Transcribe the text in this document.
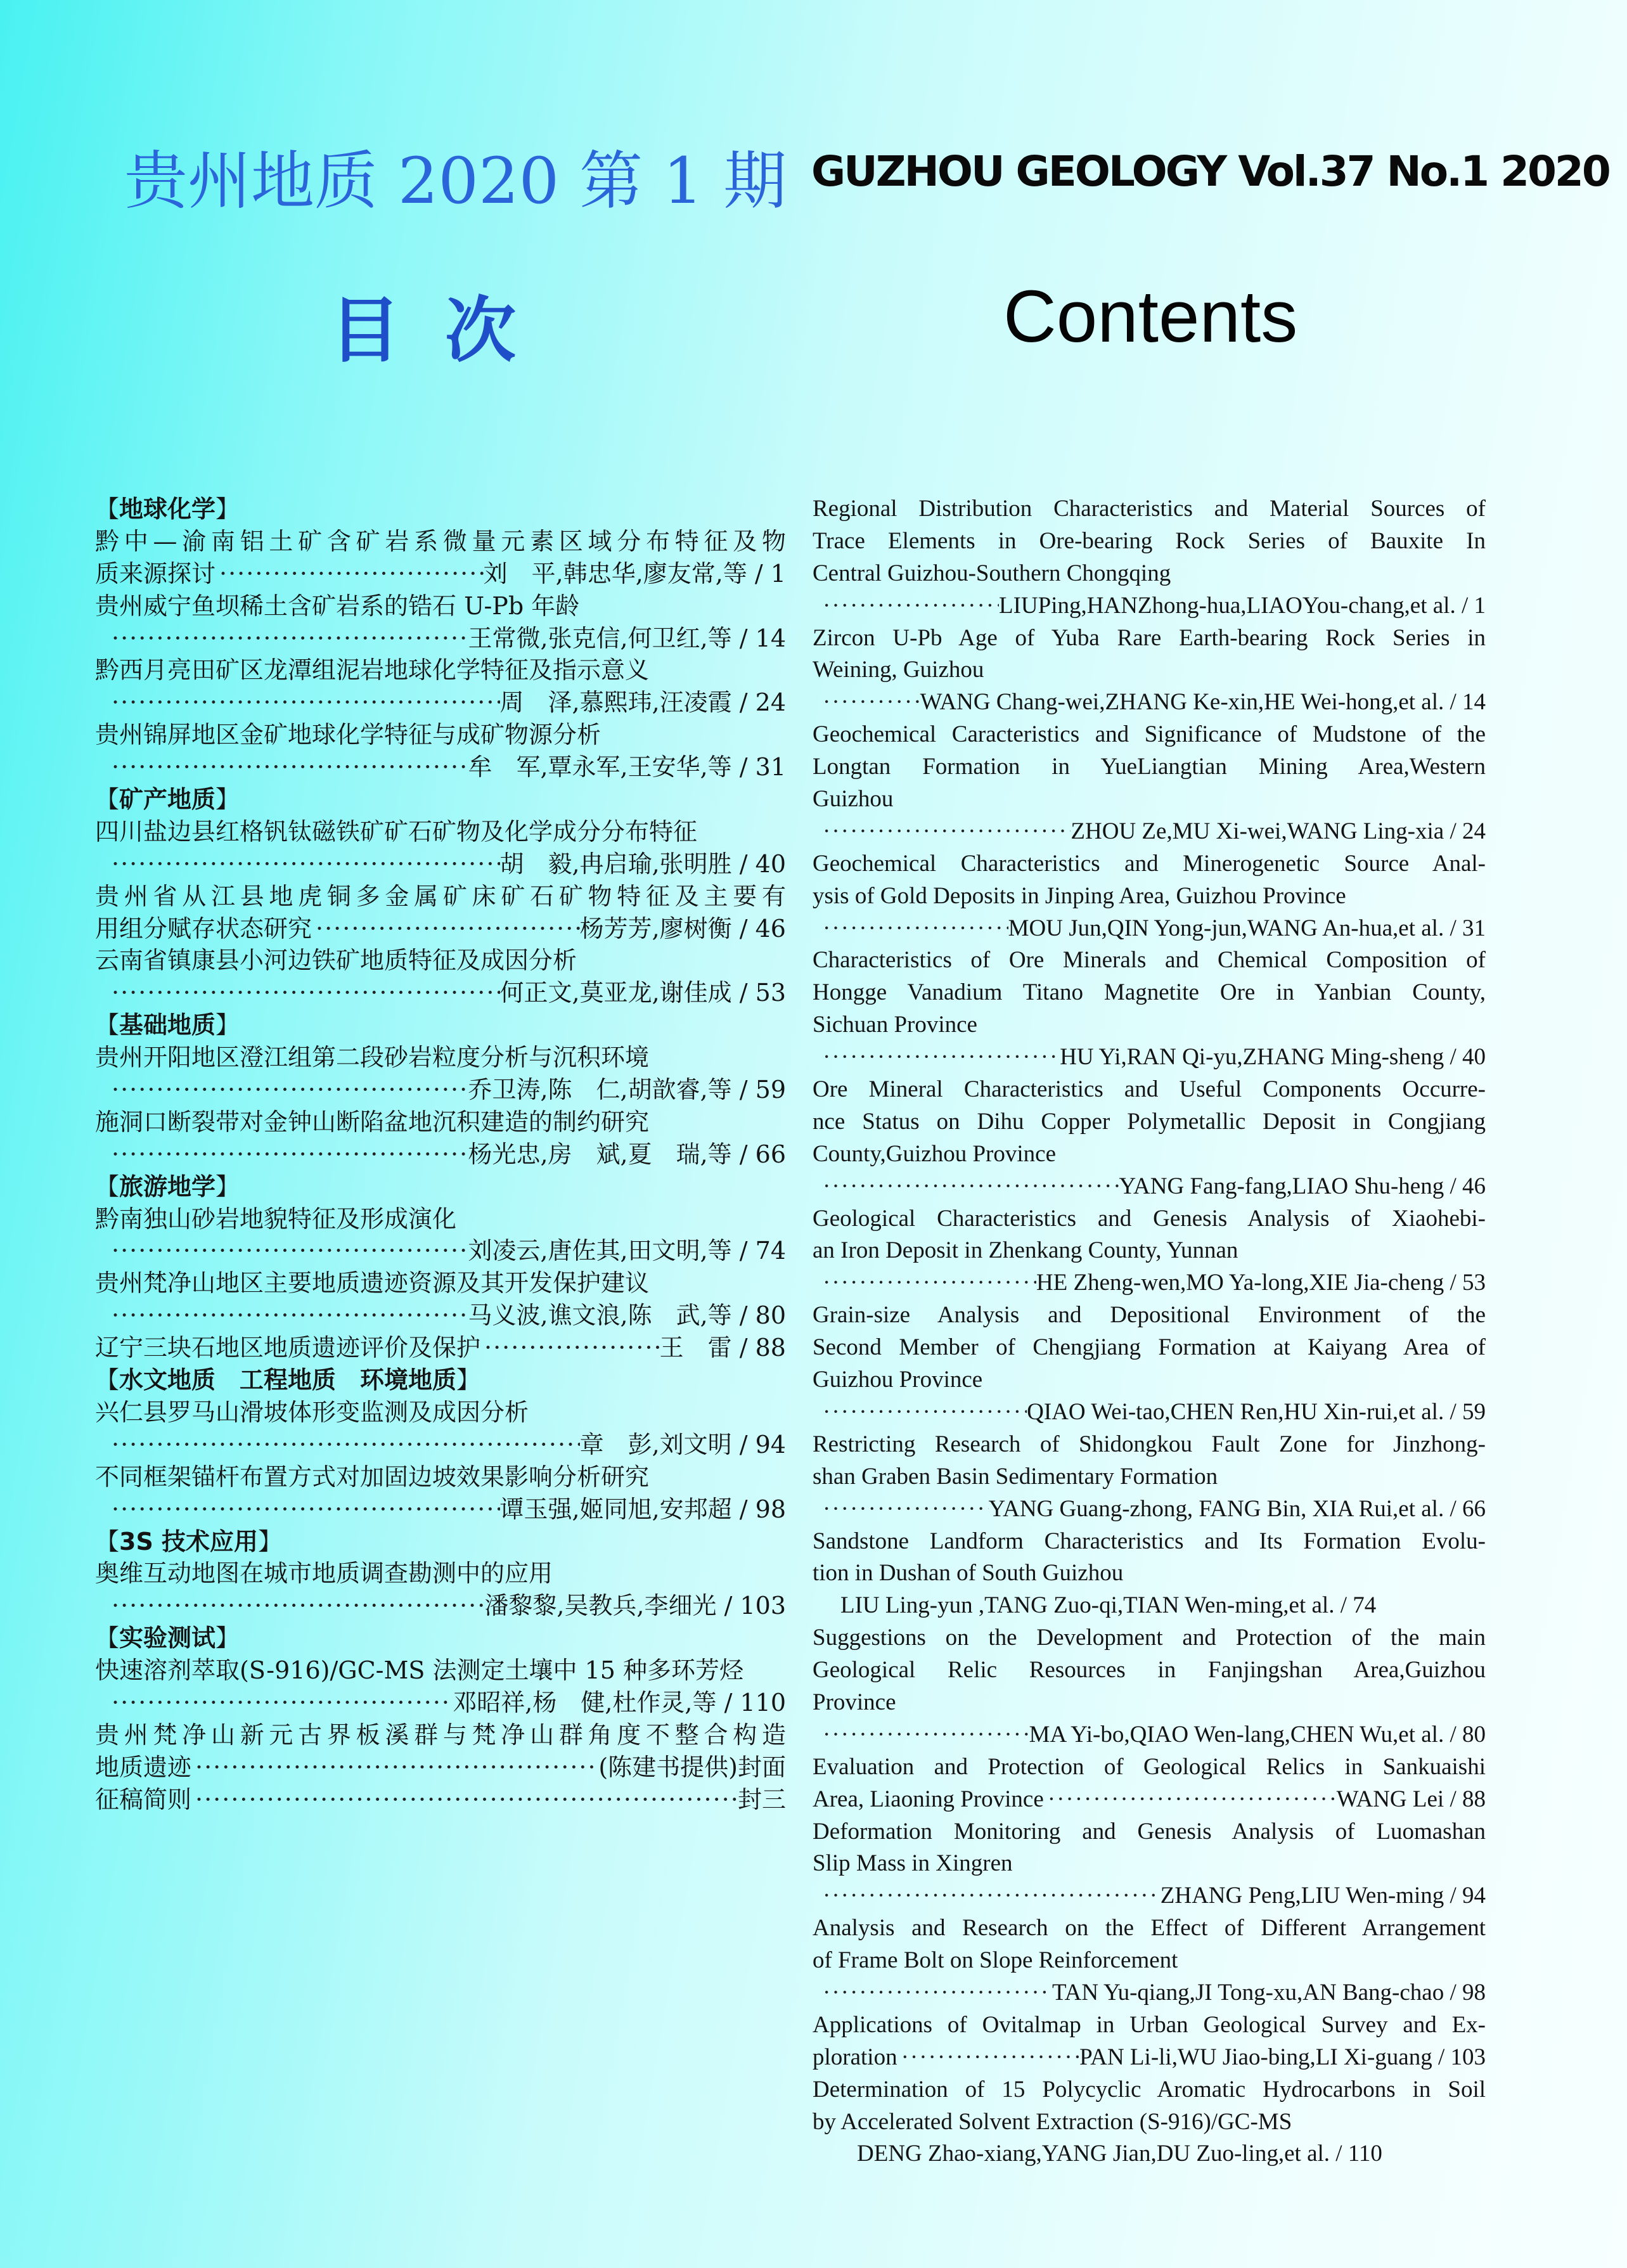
贵州地质 2020 第 1 期 GUZHOU GEOLOGY Vol.37 No.1 2020
目次	Contents
【地球化学】
黔中—渝南铝土矿含矿岩系微量元素区域分布特征及物
质来源探讨 ·····	刘　平,韩忠华,廖友常,等 / 1
贵州威宁鱼坝稀土含矿岩系的锆石 U-Pb 年龄
·····
王常微,张克信,何卫红,等 / 14
黔西月亮田矿区龙潭组泥岩地球化学特征及指示意义
·····
周　泽,慕熙玮,汪凌霞 / 24
贵州锦屏地区金矿地球化学特征与成矿物源分析
·····
牟　军,覃永军,王安华,等 / 31
【矿产地质】
四川盐边县红格钒钛磁铁矿矿石矿物及化学成分分布特征
·····
胡　毅,冉启瑜,张明胜 / 40
贵州省从江县地虎铜多金属矿床矿石矿物特征及主要有
用组分赋存状态研究 ·····	杨芳芳,廖树衡 / 46
云南省镇康县小河边铁矿地质特征及成因分析
·····
何正文,莫亚龙,谢佳成 / 53
【基础地质】
贵州开阳地区澄江组第二段砂岩粒度分析与沉积环境
·····
乔卫涛,陈　仁,胡歆睿,等 / 59
施洞口断裂带对金钟山断陷盆地沉积建造的制约研究
·····
杨光忠,房　斌,夏　瑞,等 / 66
【旅游地学】
黔南独山砂岩地貌特征及形成演化
·····
刘凌云,唐佐其,田文明,等 / 74
贵州梵净山地区主要地质遗迹资源及其开发保护建议
·····
马义波,谯文浪,陈　武,等 / 80
辽宁三块石地区地质遗迹评价及保护 ·····	王　雷 / 88
【水文地质　工程地质　环境地质】
兴仁县罗马山滑坡体形变监测及成因分析
·····
章　彭,刘文明 / 94
不同框架锚杆布置方式对加固边坡效果影响分析研究
·····
谭玉强,姬同旭,安邦超 / 98
【3S 技术应用】
奥维互动地图在城市地质调查勘测中的应用
·····
潘黎黎,吴教兵,李细光 / 103
【实验测试】
快速溶剂萃取(S-916)/GC-MS 法测定土壤中 15 种多环芳烃
·····
邓昭祥,杨　健,杜作灵,等 / 110
贵州梵净山新元古界板溪群与梵净山群角度不整合构造
地质遗迹 ·····	(陈建书提供)封面
征稿简则 ·····	封三
Regional Distribution Characteristics and Material Sources of
Trace Elements in Ore-bearing Rock Series of Bauxite In
Central Guizhou-Southern Chongqing
·····
LIUPing,HANZhong-hua,LIAOYou-chang,et al. / 1
Zircon U-Pb Age of Yuba Rare Earth-bearing Rock Series in
Weining, Guizhou
·····
WANG Chang-wei,ZHANG Ke-xin,HE Wei-hong,et al. / 14
Geochemical Caracteristics and Significance of Mudstone of the
Longtan Formation in YueLiangtian Mining Area,Western
Guizhou
·····
ZHOU Ze,MU Xi-wei,WANG Ling-xia / 24
Geochemical Characteristics and Minerogenetic Source Anal-
ysis of Gold Deposits in Jinping Area, Guizhou Province
·····
MOU Jun,QIN Yong-jun,WANG An-hua,et al. / 31
Characteristics of Ore Minerals and Chemical Composition of
Hongge Vanadium Titano Magnetite Ore in Yanbian County,
Sichuan Province
·····
HU Yi,RAN Qi-yu,ZHANG Ming-sheng / 40
Ore Mineral Characteristics and Useful Components Occurre-
nce Status on Dihu Copper Polymetallic Deposit in Congjiang
County,Guizhou Province
·····
YANG Fang-fang,LIAO Shu-heng / 46
Geological Characteristics and Genesis Analysis of Xiaohebi-
an Iron Deposit in Zhenkang County, Yunnan
·····
HE Zheng-wen,MO Ya-long,XIE Jia-cheng / 53
Grain-size Analysis and Depositional Environment of the
Second Member of Chengjiang Formation at Kaiyang Area of
Guizhou Province
·····
QIAO Wei-tao,CHEN Ren,HU Xin-rui,et al. / 59
Restricting Research of Shidongkou Fault Zone for Jinzhong-
shan Graben Basin Sedimentary Formation
·····
YANG Guang-zhong, FANG Bin, XIA Rui,et al. / 66
Sandstone Landform Characteristics and Its Formation Evolu-
tion in Dushan of South Guizhou
LIU Ling-yun ,TANG Zuo-qi,TIAN Wen-ming,et al. / 74
Suggestions on the Development and Protection of the main
Geological Relic Resources in Fanjingshan Area,Guizhou
Province
·····
MA Yi-bo,QIAO Wen-lang,CHEN Wu,et al. / 80
Evaluation and Protection of Geological Relics in Sankuaishi
Area, Liaoning Province ·····	WANG Lei / 88
Deformation Monitoring and Genesis Analysis of Luomashan
Slip Mass in Xingren
·····
ZHANG Peng,LIU Wen-ming / 94
Analysis and Research on the Effect of Different Arrangement
of Frame Bolt on Slope Reinforcement
·····
TAN Yu-qiang,JI Tong-xu,AN Bang-chao / 98
Applications of Ovitalmap in Urban Geological Survey and Ex-
ploration ·····	PAN Li-li,WU Jiao-bing,LI Xi-guang / 103
Determination of 15 Polycyclic Aromatic Hydrocarbons in Soil
by Accelerated Solvent Extraction (S-916)/GC-MS
DENG Zhao-xiang,YANG Jian,DU Zuo-ling,et al. / 110
